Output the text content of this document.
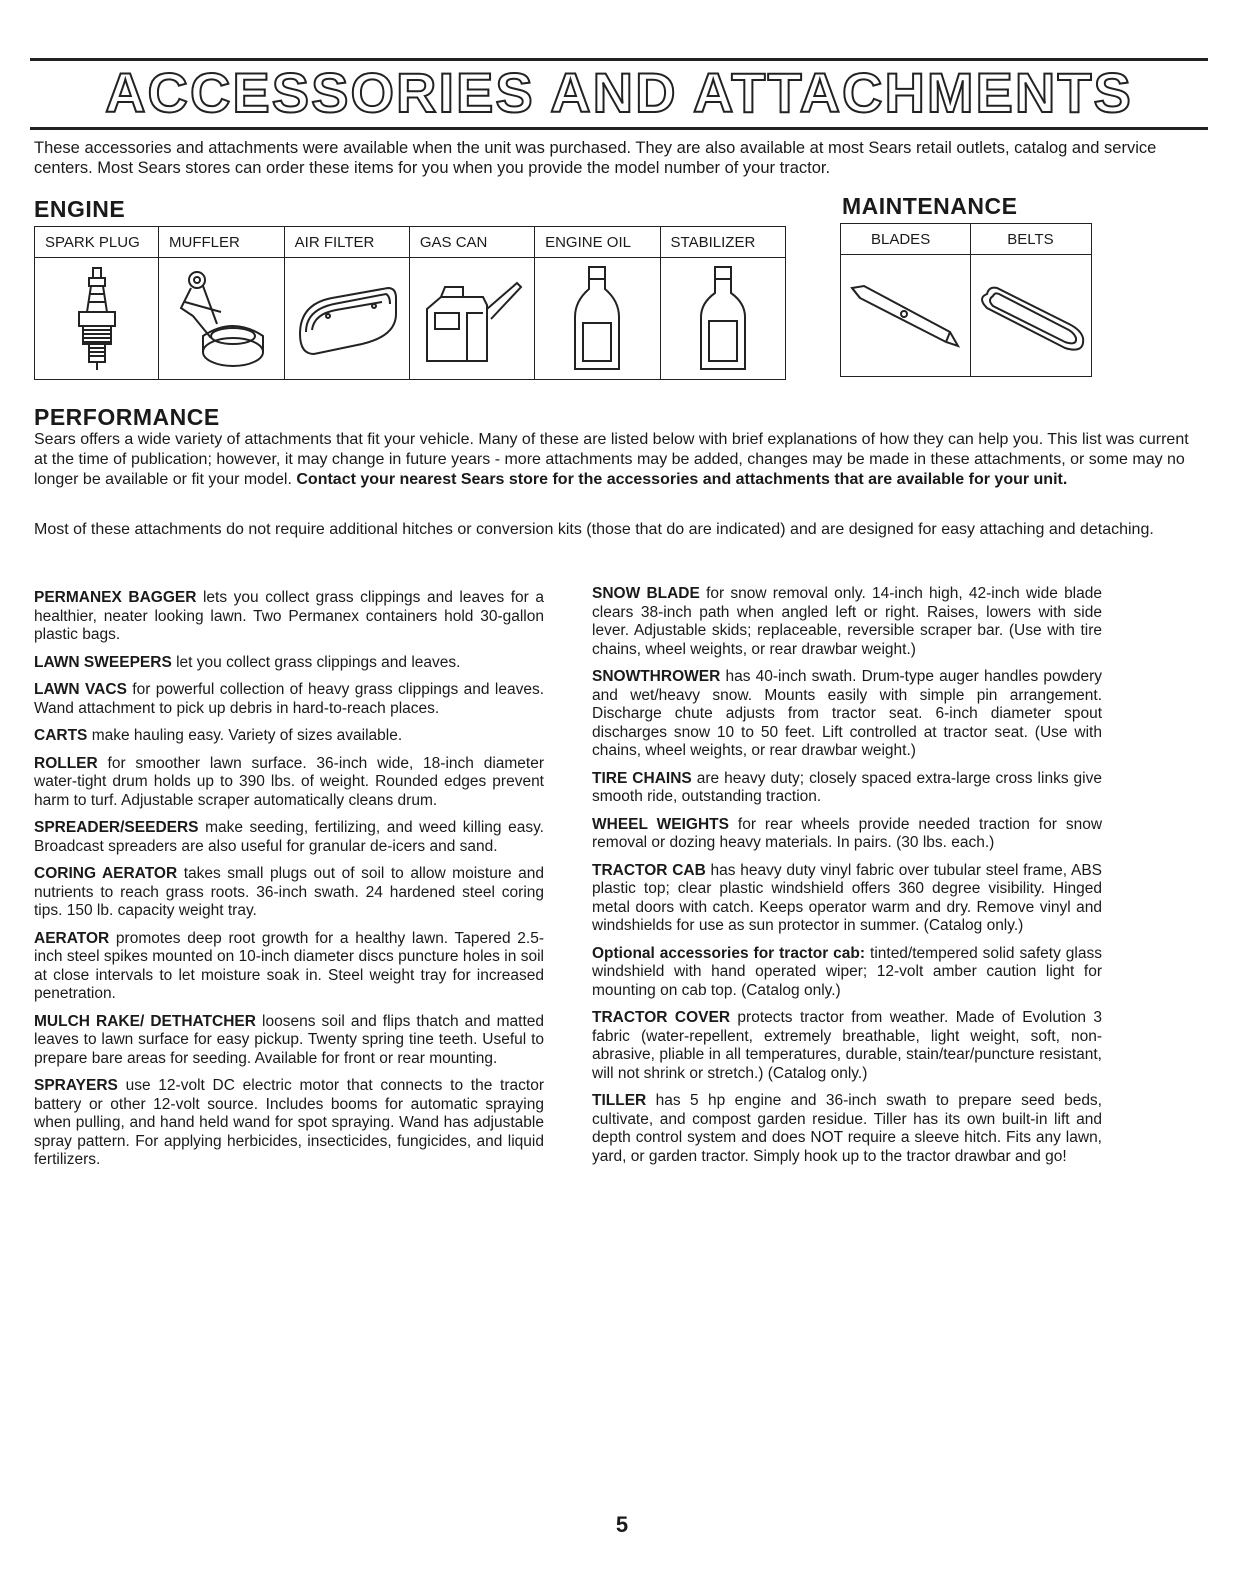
ACCESSORIES AND ATTACHMENTS
These accessories and attachments were available when the unit was purchased. They are also available at most Sears retail outlets, catalog and service centers. Most Sears stores can order these items for you when you provide the model number of your tractor.
ENGINE	MAINTENANCE
SPARK PLUG	MUFFLER	AIR FILTER	GAS CAN	ENGINE OIL	STABILIZER

		BLADES	BELTS

PERFORMANCE
Sears offers a wide variety of attachments that fit your vehicle. Many of these are listed below with brief explanations of how they can help you. This list was current at the time of publication; however, it may change in future years - more attachments may be added, changes may be made in these attachments, or some may no longer be available or fit your model. Contact your nearest Sears store for the accessories and attachments that are available for your unit.
Most of these attachments do not require additional hitches or conversion kits (those that do are indicated) and are designed for easy attaching and detaching.

PERMANEX BAGGER lets you collect grass clippings and leaves for a healthier, neater looking lawn. Two Permanex containers hold 30-gallon plastic bags.

LAWN SWEEPERS let you collect grass clippings and leaves.

LAWN VACS for powerful collection of heavy grass clippings and leaves. Wand attachment to pick up debris in hard-to-reach places.

CARTS make hauling easy. Variety of sizes available.

ROLLER for smoother lawn surface. 36-inch wide, 18-inch diameter water-tight drum holds up to 390 lbs. of weight. Rounded edges prevent harm to turf. Adjustable scraper automatically cleans drum.

SPREADER/SEEDERS make seeding, fertilizing, and weed killing easy. Broadcast spreaders are also useful for granular de-icers and sand.

CORING AERATOR takes small plugs out of soil to allow moisture and nutrients to reach grass roots. 36-inch swath. 24 hardened steel coring tips. 150 lb. capacity weight tray.

AERATOR promotes deep root growth for a healthy lawn. Tapered 2.5-inch steel spikes mounted on 10-inch diameter discs puncture holes in soil at close intervals to let moisture soak in. Steel weight tray for increased penetration.

MULCH RAKE/ DETHATCHER loosens soil and flips thatch and matted leaves to lawn surface for easy pickup. Twenty spring tine teeth. Useful to prepare bare areas for seeding. Available for front or rear mounting.

SPRAYERS use 12-volt DC electric motor that connects to the tractor battery or other 12-volt source. Includes booms for automatic spraying when pulling, and hand held wand for spot spraying. Wand has adjustable spray pattern. For applying herbicides, insecticides, fungicides, and liquid fertilizers.

SNOW BLADE for snow removal only. 14-inch high, 42-inch wide blade clears 38-inch path when angled left or right. Raises, lowers with side lever. Adjustable skids; replaceable, reversible scraper bar. (Use with tire chains, wheel weights, or rear drawbar weight.)

SNOWTHROWER has 40-inch swath. Drum-type auger handles powdery and wet/heavy snow. Mounts easily with simple pin arrangement. Discharge chute adjusts from tractor seat. 6-inch diameter spout discharges snow 10 to 50 feet. Lift controlled at tractor seat. (Use with chains, wheel weights, or rear drawbar weight.)

TIRE CHAINS are heavy duty; closely spaced extra-large cross links give smooth ride, outstanding traction.

WHEEL WEIGHTS for rear wheels provide needed traction for snow removal or dozing heavy materials. In pairs. (30 lbs. each.)

TRACTOR CAB has heavy duty vinyl fabric over tubular steel frame, ABS plastic top; clear plastic windshield offers 360 degree visibility. Hinged metal doors with catch. Keeps operator warm and dry. Remove vinyl and windshields for use as sun protector in summer. (Catalog only.)

Optional accessories for tractor cab: tinted/tempered solid safety glass windshield with hand operated wiper; 12-volt amber caution light for mounting on cab top. (Catalog only.)

TRACTOR COVER protects tractor from weather. Made of Evolution 3 fabric (water-repellent, extremely breathable, light weight, soft, non-abrasive, pliable in all temperatures, durable, stain/tear/puncture resistant, will not shrink or stretch.) (Catalog only.)

TILLER has 5 hp engine and 36-inch swath to prepare seed beds, cultivate, and compost garden residue. Tiller has its own built-in lift and depth control system and does NOT require a sleeve hitch. Fits any lawn, yard, or garden tractor. Simply hook up to the tractor drawbar and go!

5
